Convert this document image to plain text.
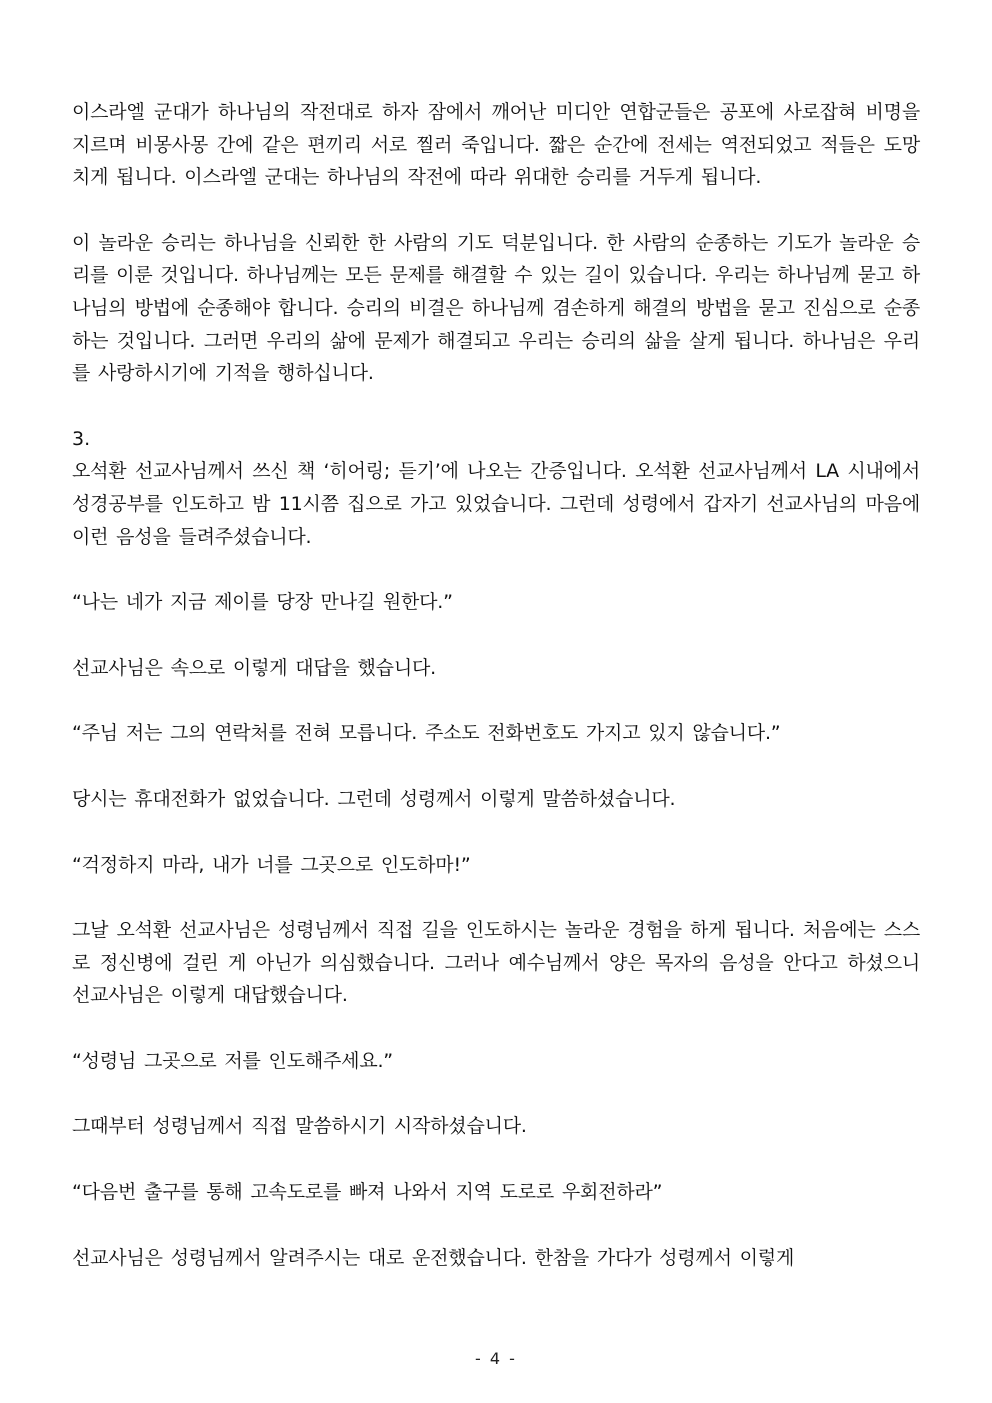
이스라엘 군대가 하나님의 작전대로 하자 잠에서 깨어난 미디안 연합군들은 공포에 사로잡혀 비명을 지르며 비몽사몽 간에 같은 편끼리 서로 찔러 죽입니다. 짧은 순간에 전세는 역전되었고 적들은 도망치게 됩니다. 이스라엘 군대는 하나님의 작전에 따라 위대한 승리를 거두게 됩니다.

이 놀라운 승리는 하나님을 신뢰한 한 사람의 기도 덕분입니다. 한 사람의 순종하는 기도가 놀라운 승리를 이룬 것입니다. 하나님께는 모든 문제를 해결할 수 있는 길이 있습니다. 우리는 하나님께 묻고 하나님의 방법에 순종해야 합니다. 승리의 비결은 하나님께 겸손하게 해결의 방법을 묻고 진심으로 순종하는 것입니다. 그러면 우리의 삶에 문제가 해결되고 우리는 승리의 삶을 살게 됩니다. 하나님은 우리를 사랑하시기에 기적을 행하십니다.

3.

오석환 선교사님께서 쓰신 책 ‘히어링; 듣기’에 나오는 간증입니다. 오석환 선교사님께서 LA 시내에서 성경공부를 인도하고 밤 11시쯤 집으로 가고 있었습니다. 그런데 성령에서 갑자기 선교사님의 마음에 이런 음성을 들려주셨습니다.

“나는 네가 지금 제이를 당장 만나길 원한다.”

선교사님은 속으로 이렇게 대답을 했습니다.

“주님 저는 그의 연락처를 전혀 모릅니다. 주소도 전화번호도 가지고 있지 않습니다.”

당시는 휴대전화가 없었습니다. 그런데 성령께서 이렇게 말씀하셨습니다.

“걱정하지 마라, 내가 너를 그곳으로 인도하마!”

그날 오석환 선교사님은 성령님께서 직접 길을 인도하시는 놀라운 경험을 하게 됩니다. 처음에는 스스로 정신병에 걸린 게 아닌가 의심했습니다. 그러나 예수님께서 양은 목자의 음성을 안다고 하셨으니 선교사님은 이렇게 대답했습니다.

“성령님 그곳으로 저를 인도해주세요.”

그때부터 성령님께서 직접 말씀하시기 시작하셨습니다.

“다음번 출구를 통해 고속도로를 빠져 나와서 지역 도로로 우회전하라”

선교사님은 성령님께서 알려주시는 대로 운전했습니다. 한참을 가다가 성령께서 이렇게

- 4 -
